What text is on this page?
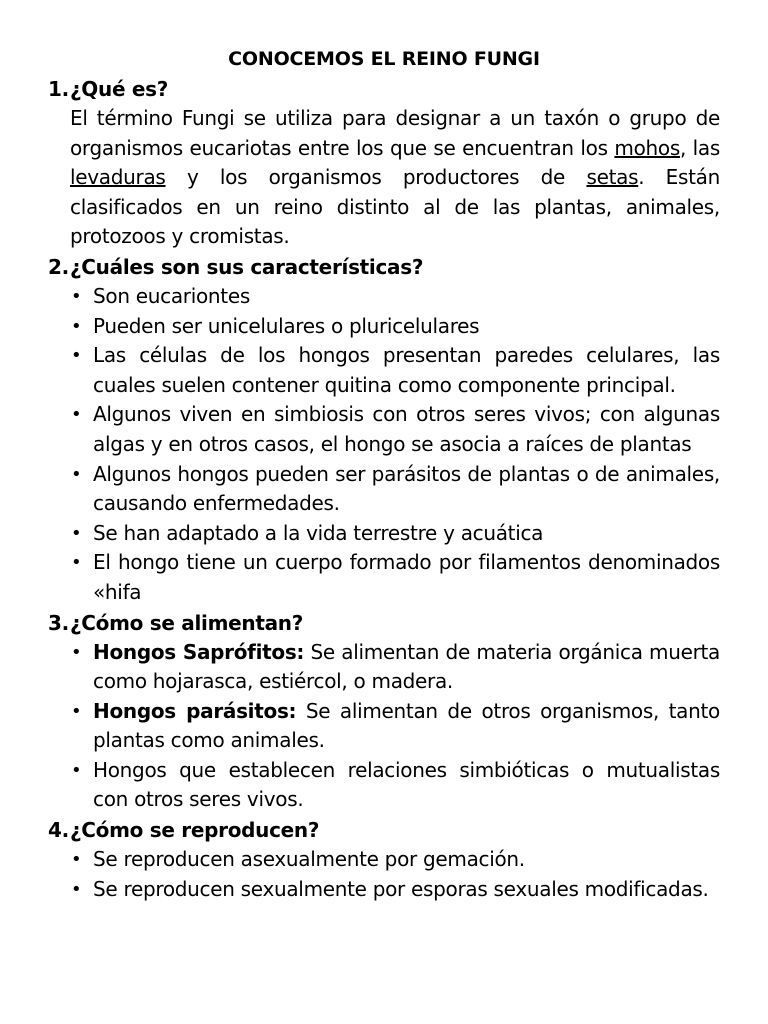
CONOCEMOS EL REINO FUNGI

1.¿Qué es?

El término Fungi se utiliza para designar a un taxón o grupo de organismos eucariotas entre los que se encuentran los mohos, las levaduras y los organismos productores de setas. Están clasificados en un reino distinto al de las plantas, animales, protozoos y cromistas.

2.¿Cuáles son sus características?

• Son eucariontes
• Pueden ser unicelulares o pluricelulares
• Las células de los hongos presentan paredes celulares, las cuales suelen contener quitina como componente principal.
• Algunos viven en simbiosis con otros seres vivos; con algunas algas y en otros casos, el hongo se asocia a raíces de plantas
• Algunos hongos pueden ser parásitos de plantas o de animales, causando enfermedades.
• Se han adaptado a la vida terrestre y acuática
• El hongo tiene un cuerpo formado por filamentos denominados «hifa

3.¿Cómo se alimentan?

• Hongos Saprófitos: Se alimentan de materia orgánica muerta como hojarasca, estiércol, o madera.
• Hongos parásitos: Se alimentan de otros organismos, tanto plantas como animales.
• Hongos que establecen relaciones simbióticas o mutualistas con otros seres vivos.

4.¿Cómo se reproducen?

• Se reproducen asexualmente por gemación.
• Se reproducen sexualmente por esporas sexuales modificadas.
